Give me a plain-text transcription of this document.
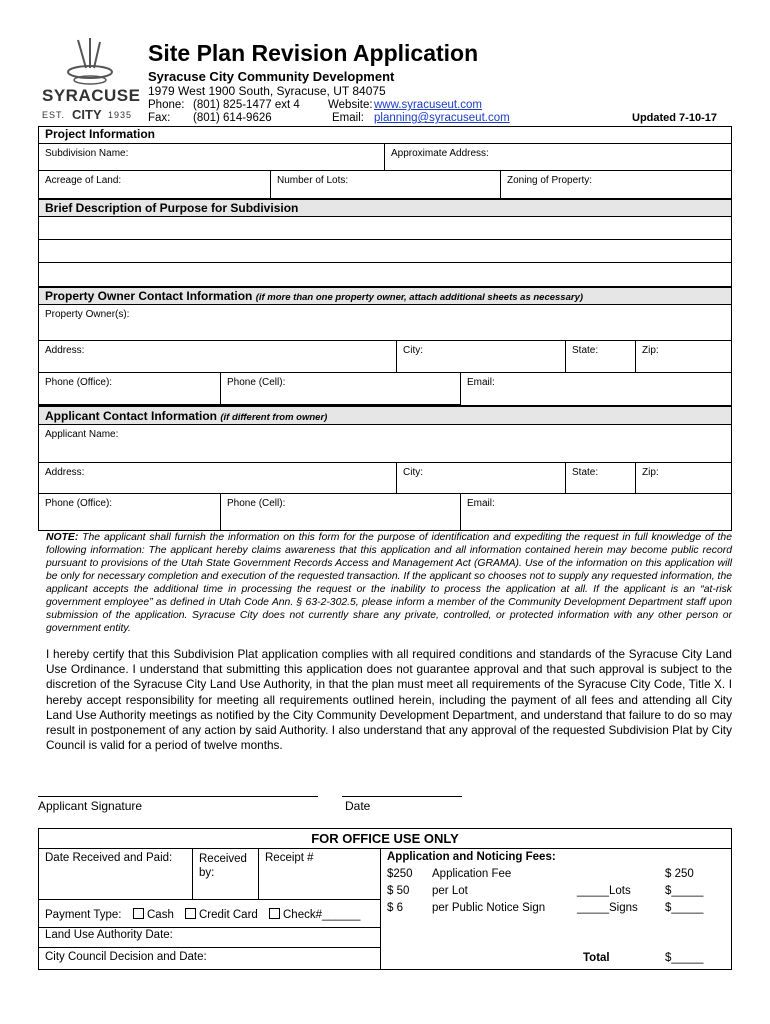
SYRACUSE
EST. CITY 1935
Site Plan Revision Application
Syracuse City Community Development
1979 West 1900 South, Syracuse, UT 84075
Phone: (801) 825-1477 ext 4
Fax: (801) 614-9626
Website: www.syracuseut.com
Email: planning@syracuseut.com	Updated 7-10-17
Project Information
Subdivision Name:	Approximate Address:
Acreage of Land:	Number of Lots:	Zoning of Property:
Brief Description of Purpose for Subdivision
Property Owner Contact Information (if more than one property owner, attach additional sheets as necessary)
Property Owner(s):
Address:	City:	State:	Zip:
Phone (Office):	Phone (Cell):	Email:
Applicant Contact Information (if different from owner)
Applicant Name:
Address:	City:	State:	Zip:
Phone (Office):	Phone (Cell):	Email:
NOTE: The applicant shall furnish the information on this form for the purpose of identification and expediting the request in full knowledge of the following information: The applicant hereby claims awareness that this application and all information contained herein may become public record pursuant to provisions of the Utah State Government Records Access and Management Act (GRAMA). Use of the information on this application will be only for necessary completion and execution of the requested transaction. If the applicant so chooses not to supply any requested information, the applicant accepts the additional time in processing the request or the inability to process the application at all. If the applicant is an “at-risk government employee” as defined in Utah Code Ann. § 63-2-302.5, please inform a member of the Community Development Department staff upon submission of the application. Syracuse City does not currently share any private, controlled, or protected information with any other person or government entity.
I hereby certify that this Subdivision Plat application complies with all required conditions and standards of the Syracuse City Land Use Ordinance. I understand that submitting this application does not guarantee approval and that such approval is subject to the discretion of the Syracuse City Land Use Authority, in that the plan must meet all requirements of the Syracuse City Code, Title X. I hereby accept responsibility for meeting all requirements outlined herein, including the payment of all fees and attending all City Land Use Authority meetings as notified by the City Community Development Department, and understand that failure to do so may result in postponement of any action by said Authority. I also understand that any approval of the requested Subdivision Plat by City Council is valid for a period of twelve months.
Applicant Signature	Date
FOR OFFICE USE ONLY
Date Received and Paid: Received by:
Receipt #
Payment Type:	Cash	Credit Card	Check#______
Land Use Authority Date:
City Council Decision and Date:
Application and Noticing Fees:
$250 Application Fee	$ 250
$ 50 per Lot	_____Lots	$_____
$ 6	per Public Notice Sign	_____Signs $_____
Total	$_____
